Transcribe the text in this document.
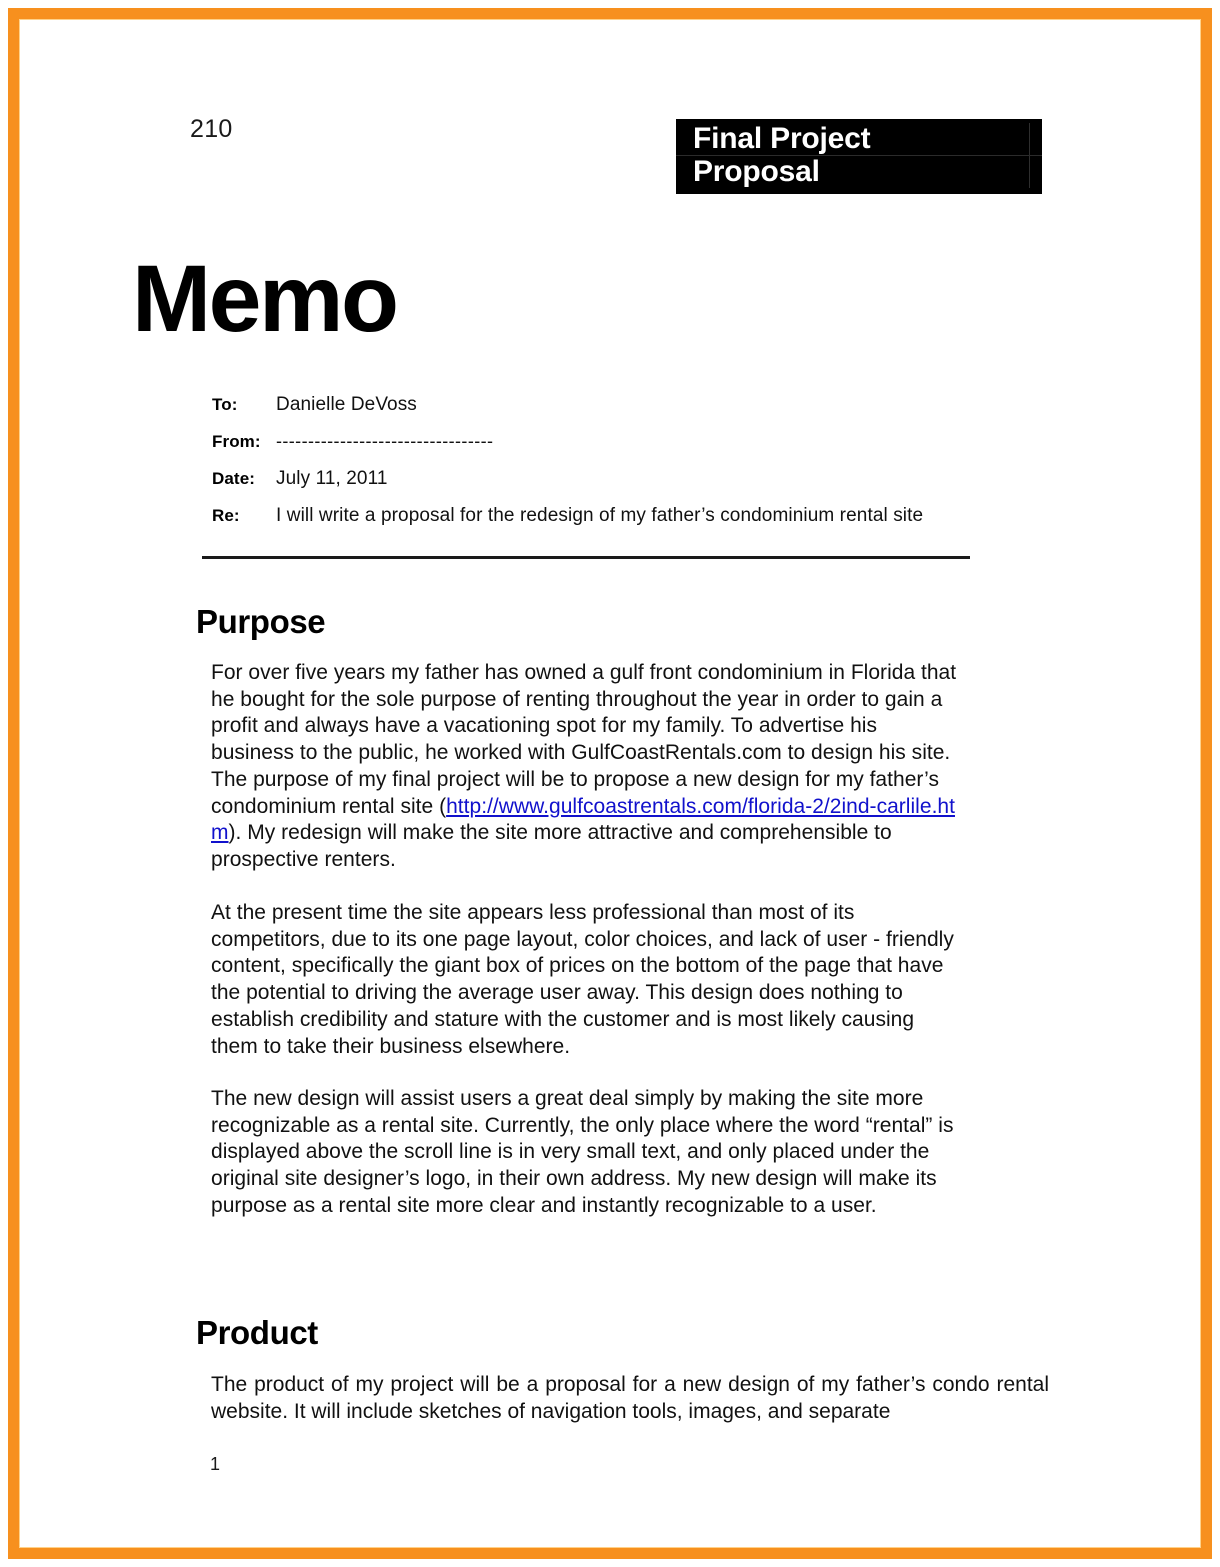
210	Final Project
Proposal
Memo
To:	Danielle DeVoss
From: ----------------------------------
Date:	July 11, 2011
Re:	I will write a proposal for the redesign of my father’s condominium rental site
Purpose

For over five years my father has owned a gulf front condominium in Florida that he bought for the sole purpose of renting throughout the year in order to gain a profit and always have a vacationing spot for my family. To advertise his business to the public, he worked with GulfCoastRentals.com to design his site. The purpose of my final project will be to propose a new design for my father’s condominium rental site (http://www.gulfcoastrentals.com/florida-2/2ind-carlile.htm). My redesign will make the site more attractive and comprehensible to prospective renters.

At the present time the site appears less professional than most of its competitors, due to its one page layout, color choices, and lack of user - friendly content, specifically the giant box of prices on the bottom of the page that have the potential to driving the average user away. This design does nothing to establish credibility and stature with the customer and is most likely causing them to take their business elsewhere.

The new design will assist users a great deal simply by making the site more recognizable as a rental site. Currently, the only place where the word “rental” is displayed above the scroll line is in very small text, and only placed under the original site designer’s logo, in their own address. My new design will make its purpose as a rental site more clear and instantly recognizable to a user.

Product

The product of my project will be a proposal for a new design of my father’s condo rental website. It will include sketches of navigation tools, images, and separate

1
